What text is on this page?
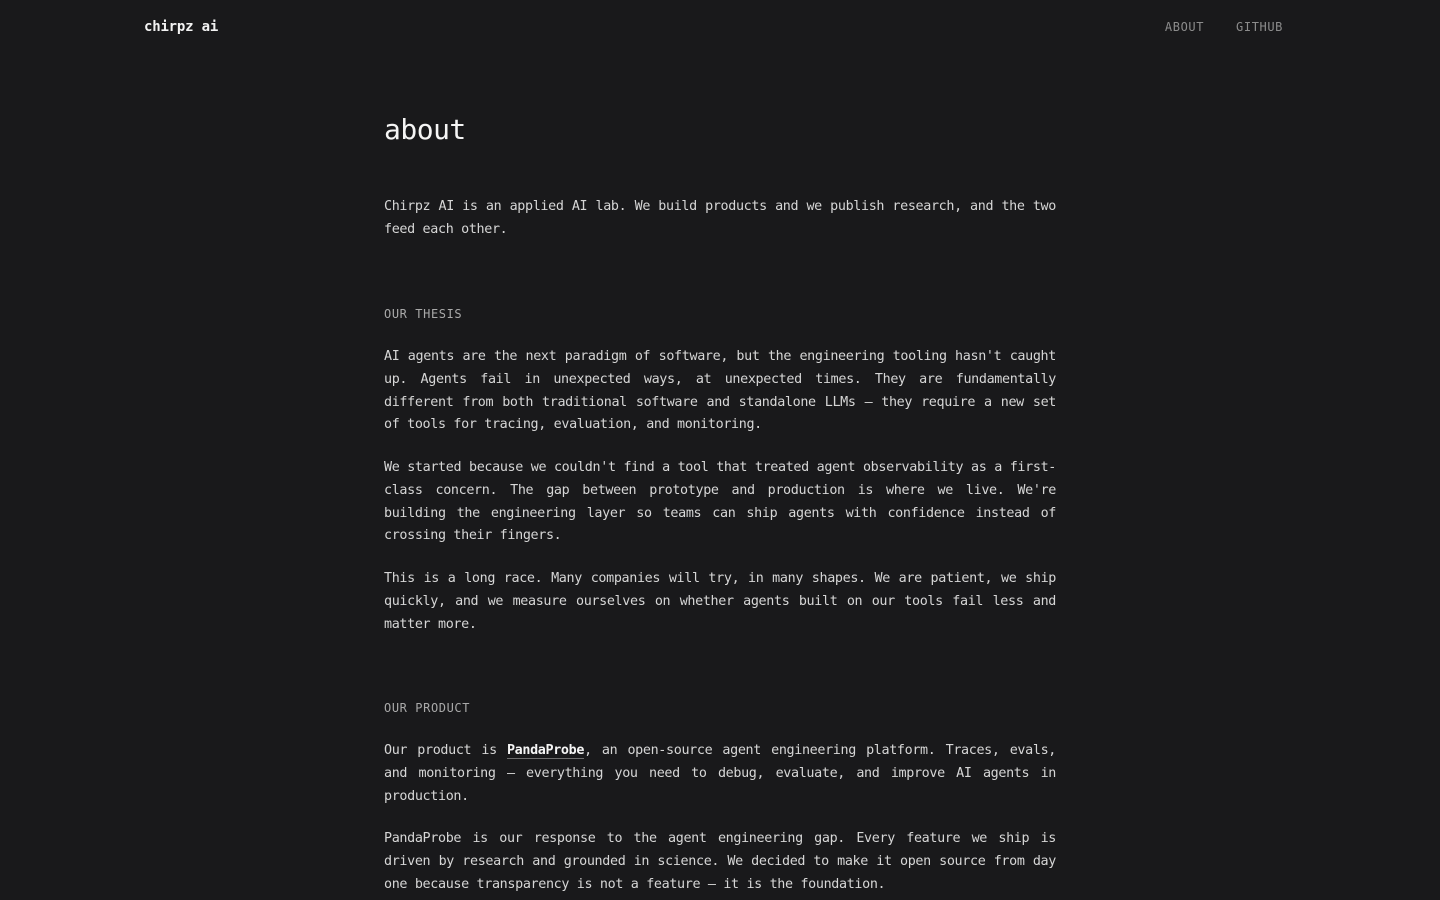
chirpz ai	ABOUT	GITHUB
about

Chirpz AI is an applied AI lab. We build products and we publish research, and the two feed each other.

OUR THESIS

AI agents are the next paradigm of software, but the engineering tooling hasn't caught up. Agents fail in unexpected ways, at unexpected times. They are fundamentally different from both traditional software and standalone LLMs — they require a new set of tools for tracing, evaluation, and monitoring.

We started because we couldn't find a tool that treated agent observability as a first-class concern. The gap between prototype and production is where we live. We're building the engineering layer so teams can ship agents with confidence instead of crossing their fingers.

This is a long race. Many companies will try, in many shapes. We are patient, we ship quickly, and we measure ourselves on whether agents built on our tools fail less and matter more.

OUR PRODUCT

Our product is PandaProbe, an open-source agent engineering platform. Traces, evals, and monitoring — everything you need to debug, evaluate, and improve AI agents in production.

PandaProbe is our response to the agent engineering gap. Every feature we ship is driven by research and grounded in science. We decided to make it open source from day one because transparency is not a feature — it is the foundation.
